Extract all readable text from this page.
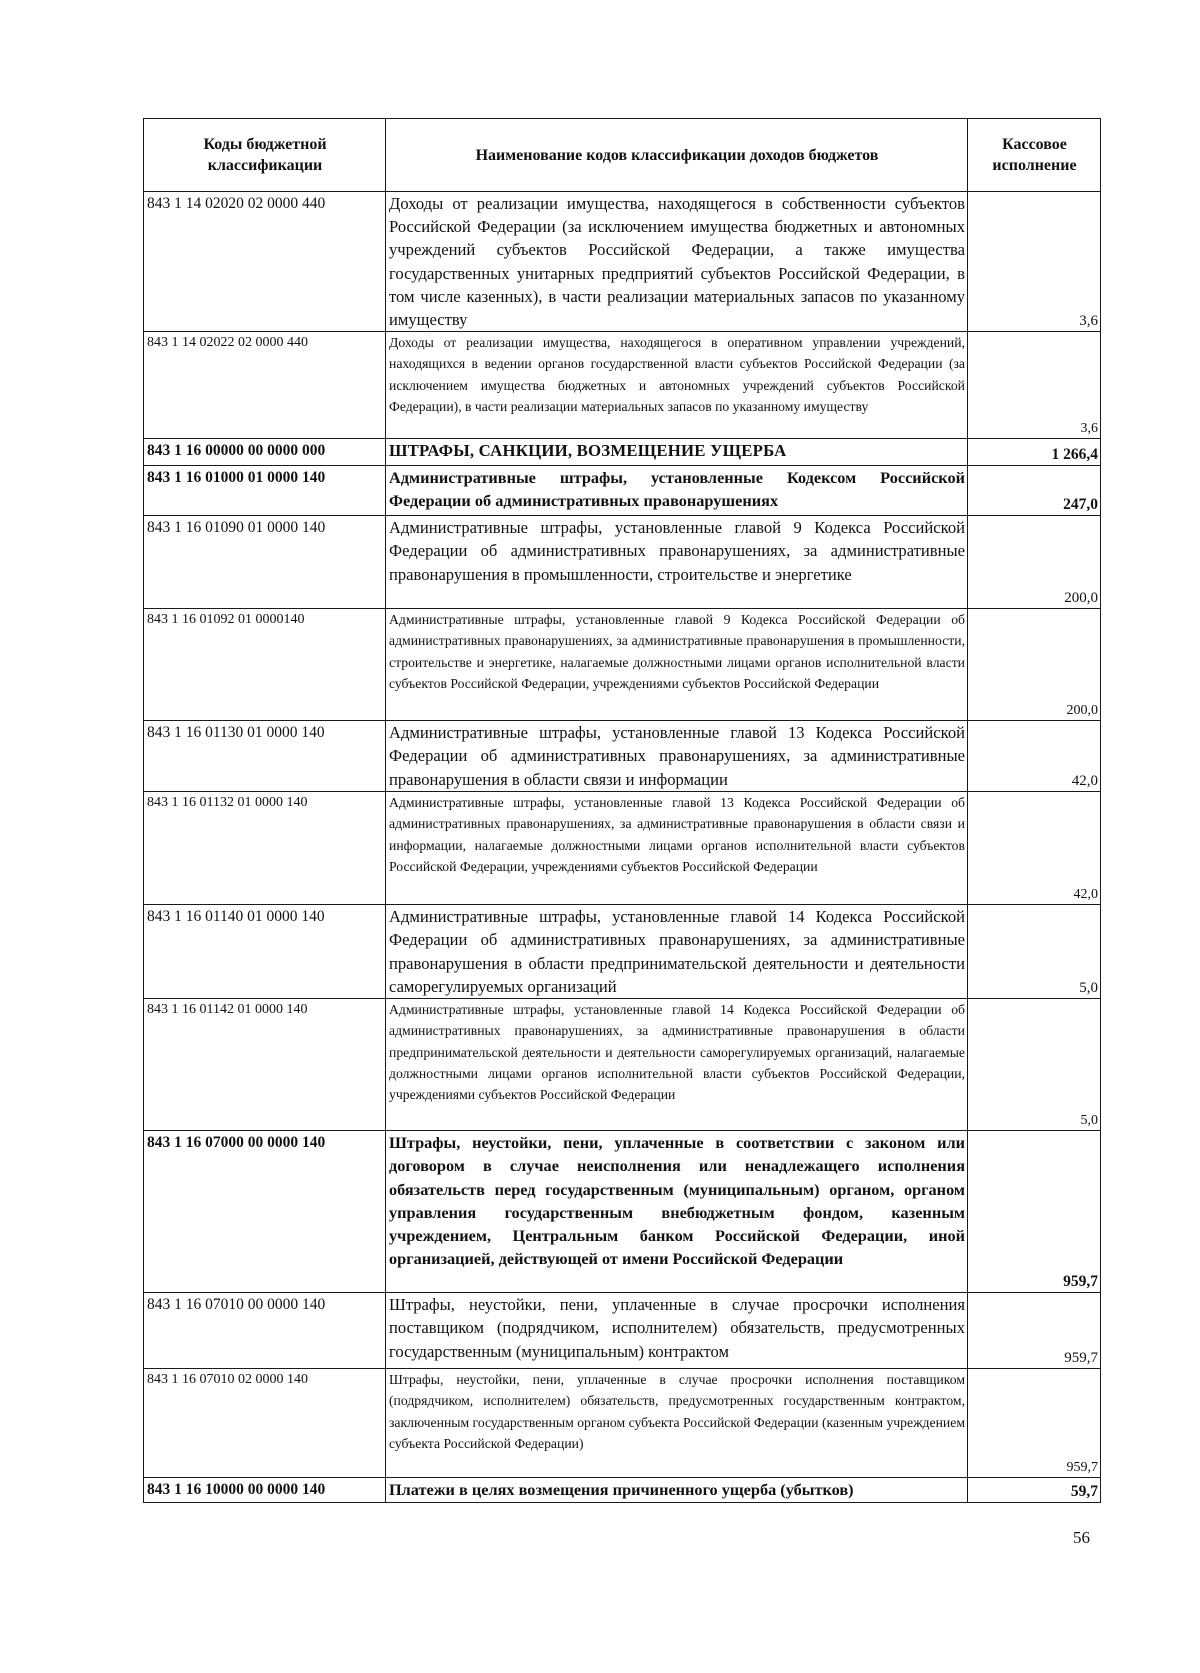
Коды бюджетной классификации	Наименование кодов классификации доходов бюджетов	Кассовое исполнение
843 1 14 02020 02 0000 440	Доходы от реализации имущества, находящегося в собственности субъектов Российской Федерации (за исключением имущества бюджетных и автономных учреждений субъектов Российской Федерации, а также имущества государственных унитарных предприятий субъектов Российской Федерации, в том числе казенных), в части реализации материальных запасов по указанному имуществу	3,6
843 1 14 02022 02 0000 440	Доходы от реализации имущества, находящегося в оперативном управлении учреждений, находящихся в ведении органов государственной власти субъектов Российской Федерации (за исключением имущества бюджетных и автономных учреждений субъектов Российской Федерации), в части реализации материальных запасов по указанному имуществу	3,6
843 1 16 00000 00 0000 000	ШТРАФЫ, САНКЦИИ, ВОЗМЕЩЕНИЕ УЩЕРБА	1 266,4
843 1 16 01000 01 0000 140	Административные штрафы, установленные Кодексом Российской Федерации об административных правонарушениях	247,0
843 1 16 01090 01 0000 140	Административные штрафы, установленные главой 9 Кодекса Российской Федерации об административных правонарушениях, за административные правонарушения в промышленности, строительстве и энергетике	200,0
843 1 16 01092 01 0000140	Административные штрафы, установленные главой 9 Кодекса Российской Федерации об административных правонарушениях, за административные правонарушения в промышленности, строительстве и энергетике, налагаемые должностными лицами органов исполнительной власти субъектов Российской Федерации, учреждениями субъектов Российской Федерации	200,0
843 1 16 01130 01 0000 140	Административные штрафы, установленные главой 13 Кодекса Российской Федерации об административных правонарушениях, за административные правонарушения в области связи и информации	42,0
843 1 16 01132 01 0000 140	Административные штрафы, установленные главой 13 Кодекса Российской Федерации об административных правонарушениях, за административные правонарушения в области связи и информации, налагаемые должностными лицами органов исполнительной власти субъектов Российской Федерации, учреждениями субъектов Российской Федерации	42,0
843 1 16 01140 01 0000 140	Административные штрафы, установленные главой 14 Кодекса Российской Федерации об административных правонарушениях, за административные правонарушения в области предпринимательской деятельности и деятельности саморегулируемых организаций	5,0
843 1 16 01142 01 0000 140	Административные штрафы, установленные главой 14 Кодекса Российской Федерации об административных правонарушениях, за административные правонарушения в области предпринимательской деятельности и деятельности саморегулируемых организаций, налагаемые должностными лицами органов исполнительной власти субъектов Российской Федерации, учреждениями субъектов Российской Федерации	5,0
843 1 16 07000 00 0000 140	Штрафы, неустойки, пени, уплаченные в соответствии с законом или договором в случае неисполнения или ненадлежащего исполнения обязательств перед государственным (муниципальным) органом, органом управления государственным внебюджетным фондом, казенным учреждением, Центральным банком Российской Федерации, иной организацией, действующей от имени Российской Федерации	959,7
843 1 16 07010 00 0000 140	Штрафы, неустойки, пени, уплаченные в случае просрочки исполнения поставщиком (подрядчиком, исполнителем) обязательств, предусмотренных государственным (муниципальным) контрактом	959,7
843 1 16 07010 02 0000 140	Штрафы, неустойки, пени, уплаченные в случае просрочки исполнения поставщиком (подрядчиком, исполнителем) обязательств, предусмотренных государственным контрактом, заключенным государственным органом субъекта Российской Федерации (казенным учреждением субъекта Российской Федерации)	959,7
843 1 16 10000 00 0000 140	Платежи в целях возмещения причиненного ущерба (убытков)	59,7
56
